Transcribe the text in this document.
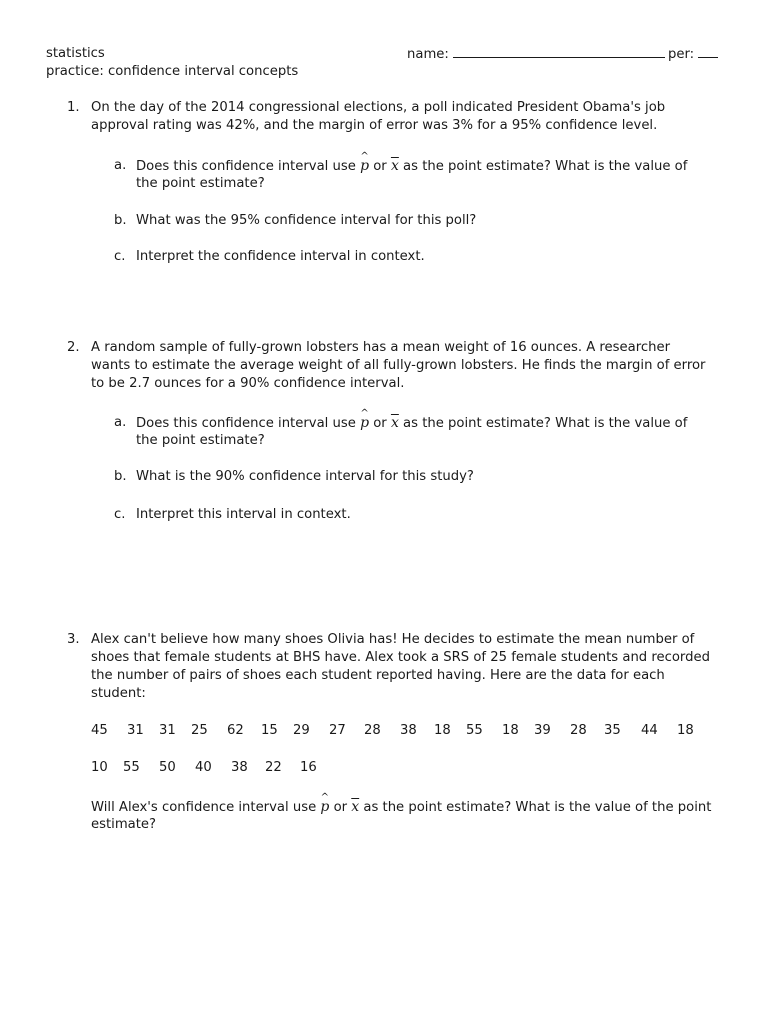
statistics
practice: confidence interval concepts
name:	per:
1. On the day of the 2014 congressional elections, a poll indicated President Obama's job
approval rating was 42%, and the margin of error was 3% for a 95% confidence level.
a. Does this confidence interval use ^ p or $\overline{x}$ as the point estimate? What is the value of
the point estimate?
b. What was the 95% confidence interval for this poll?
c. Interpret the confidence interval in context.
2. A random sample of fully-grown lobsters has a mean weight of 16 ounces. A researcher
wants to estimate the average weight of all fully-grown lobsters. He finds the margin of error
to be 2.7 ounces for a 90% confidence interval.
a. Does this confidence interval use ^ p or $\overline{x}$ as the point estimate? What is the value of
the point estimate?
b. What is the 90% confidence interval for this study?
c. Interpret this interval in context.
3. Alex can't believe how many shoes Olivia has! He decides to estimate the mean number of
shoes that female students at BHS have. Alex took a SRS of 25 female students and recorded
the number of pairs of shoes each student reported having. Here are the data for each
student:
45 31 31 25 62 15 29 27 28 38 18 55 18 39 28 35 44 18
10 55 50 40 38 22 16
Will Alex's confidence interval use ^ p or $\overline{x}$ as the point estimate? What is the value of the point
estimate?
